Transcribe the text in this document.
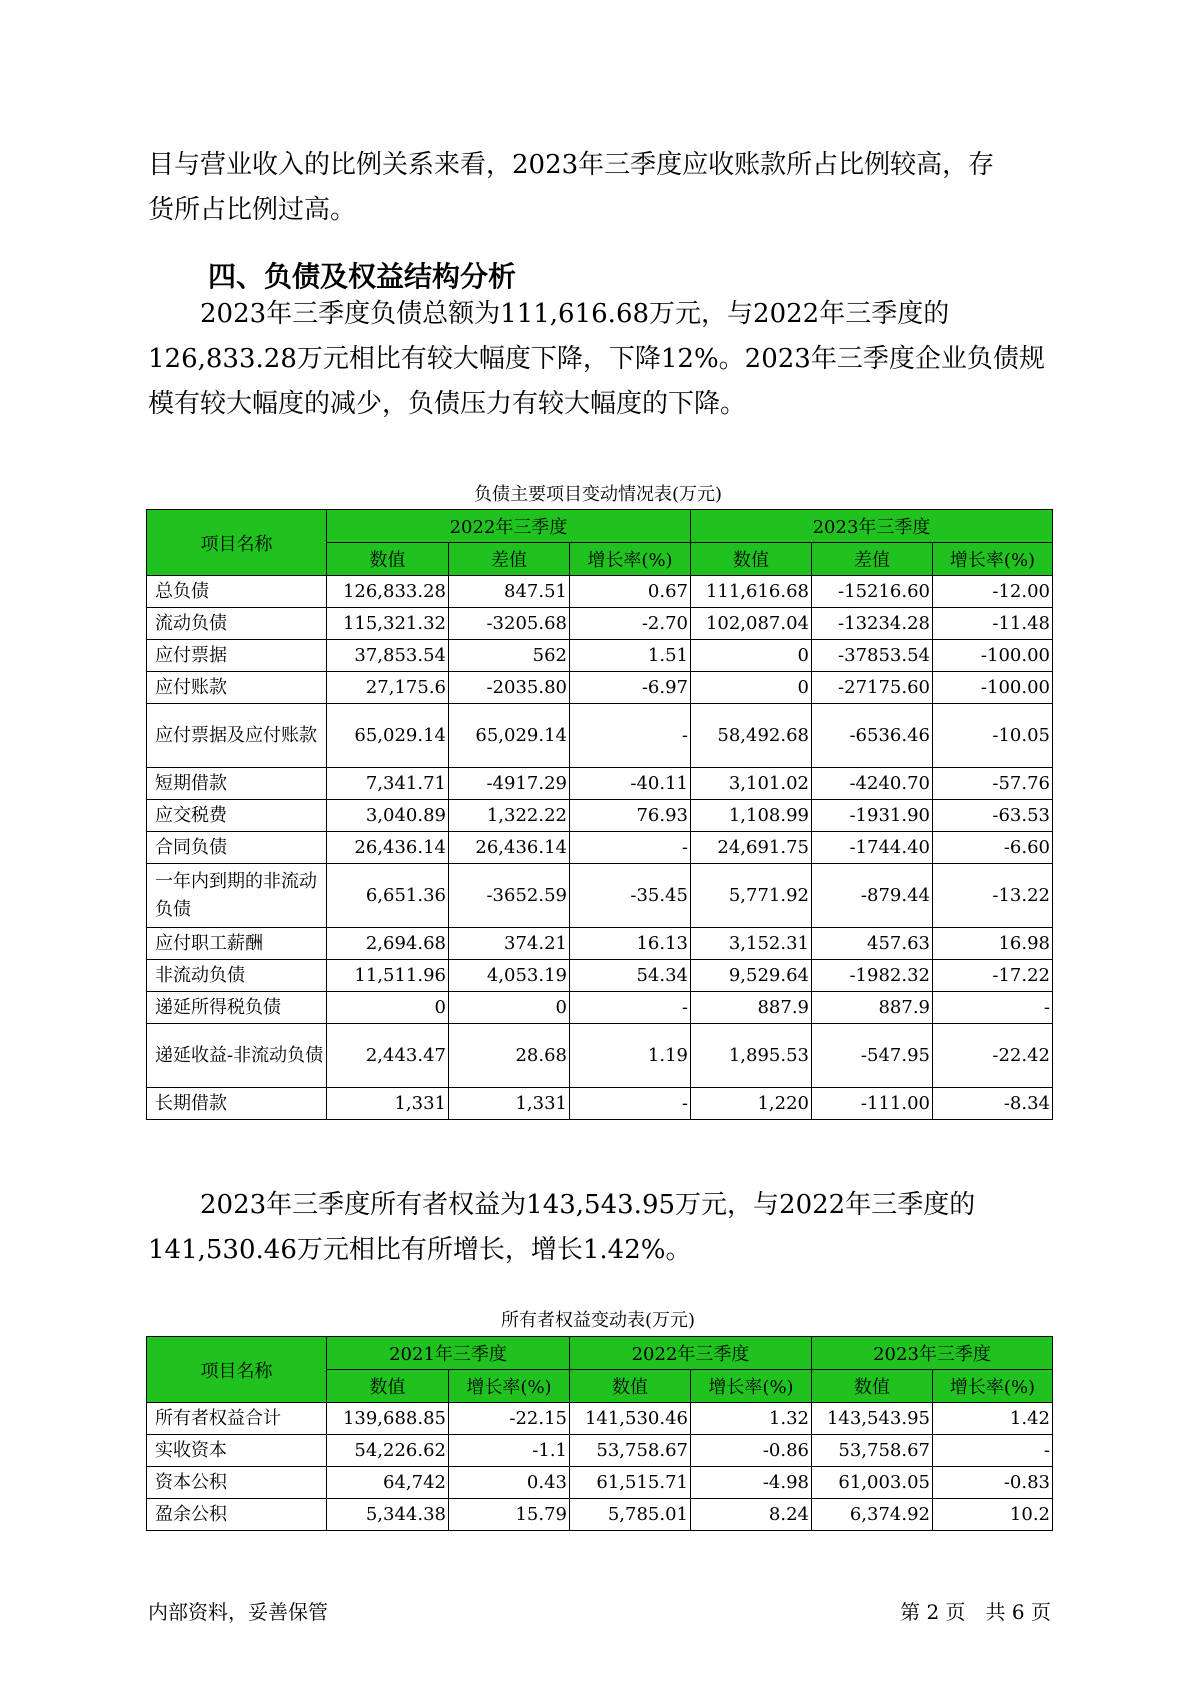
目与营业收入的比例关系来看，2023年三季度应收账款所占比例较高，存
货所占比例过高。
四、负债及权益结构分析
　　2023年三季度负债总额为111,616.68万元，与2022年三季度的
126,833.28万元相比有较大幅度下降，下降12%。2023年三季度企业负债规
模有较大幅度的减少，负债压力有较大幅度的下降。
负债主要项目变动情况表(万元)
项目名称	2022年三季度			2023年三季度		
	数值	差值	增长率(%)	数值	差值	增长率(%)
总负债	126,833.28	847.51	0.67	111,616.68	-15216.60	-12.00
流动负债	115,321.32	-3205.68	-2.70	102,087.04	-13234.28	-11.48
应付票据	37,853.54	562	1.51	0	-37853.54	-100.00
应付账款	27,175.6	-2035.80	-6.97	0	-27175.60	-100.00
应付票据及应付账款	65,029.14	65,029.14	-	58,492.68	-6536.46	-10.05
短期借款	7,341.71	-4917.29	-40.11	3,101.02	-4240.70	-57.76
应交税费	3,040.89	1,322.22	76.93	1,108.99	-1931.90	-63.53
合同负债	26,436.14	26,436.14	-	24,691.75	-1744.40	-6.60
一年内到期的非流动负债	6,651.36	-3652.59	-35.45	5,771.92	-879.44	-13.22
应付职工薪酬	2,694.68	374.21	16.13	3,152.31	457.63	16.98
非流动负债	11,511.96	4,053.19	54.34	9,529.64	-1982.32	-17.22
递延所得税负债	0	0	-	887.9	887.9	-
递延收益-非流动负债	2,443.47	28.68	1.19	1,895.53	-547.95	-22.42
长期借款	1,331	1,331	-	1,220	-111.00	-8.34
　　2023年三季度所有者权益为143,543.95万元，与2022年三季度的
141,530.46万元相比有所增长，增长1.42%。
所有者权益变动表(万元)
项目名称	2021年三季度		2022年三季度		2023年三季度	
	数值	增长率(%)	数值	增长率(%)	数值	增长率(%)
所有者权益合计	139,688.85	-22.15	141,530.46	1.32	143,543.95	1.42
实收资本	54,226.62	-1.1	53,758.67	-0.86	53,758.67	-
资本公积	64,742	0.43	61,515.71	-4.98	61,003.05	-0.83
盈余公积	5,344.38	15.79	5,785.01	8.24	6,374.92	10.2
内部资料，妥善保管	第 2 页　共 6 页
